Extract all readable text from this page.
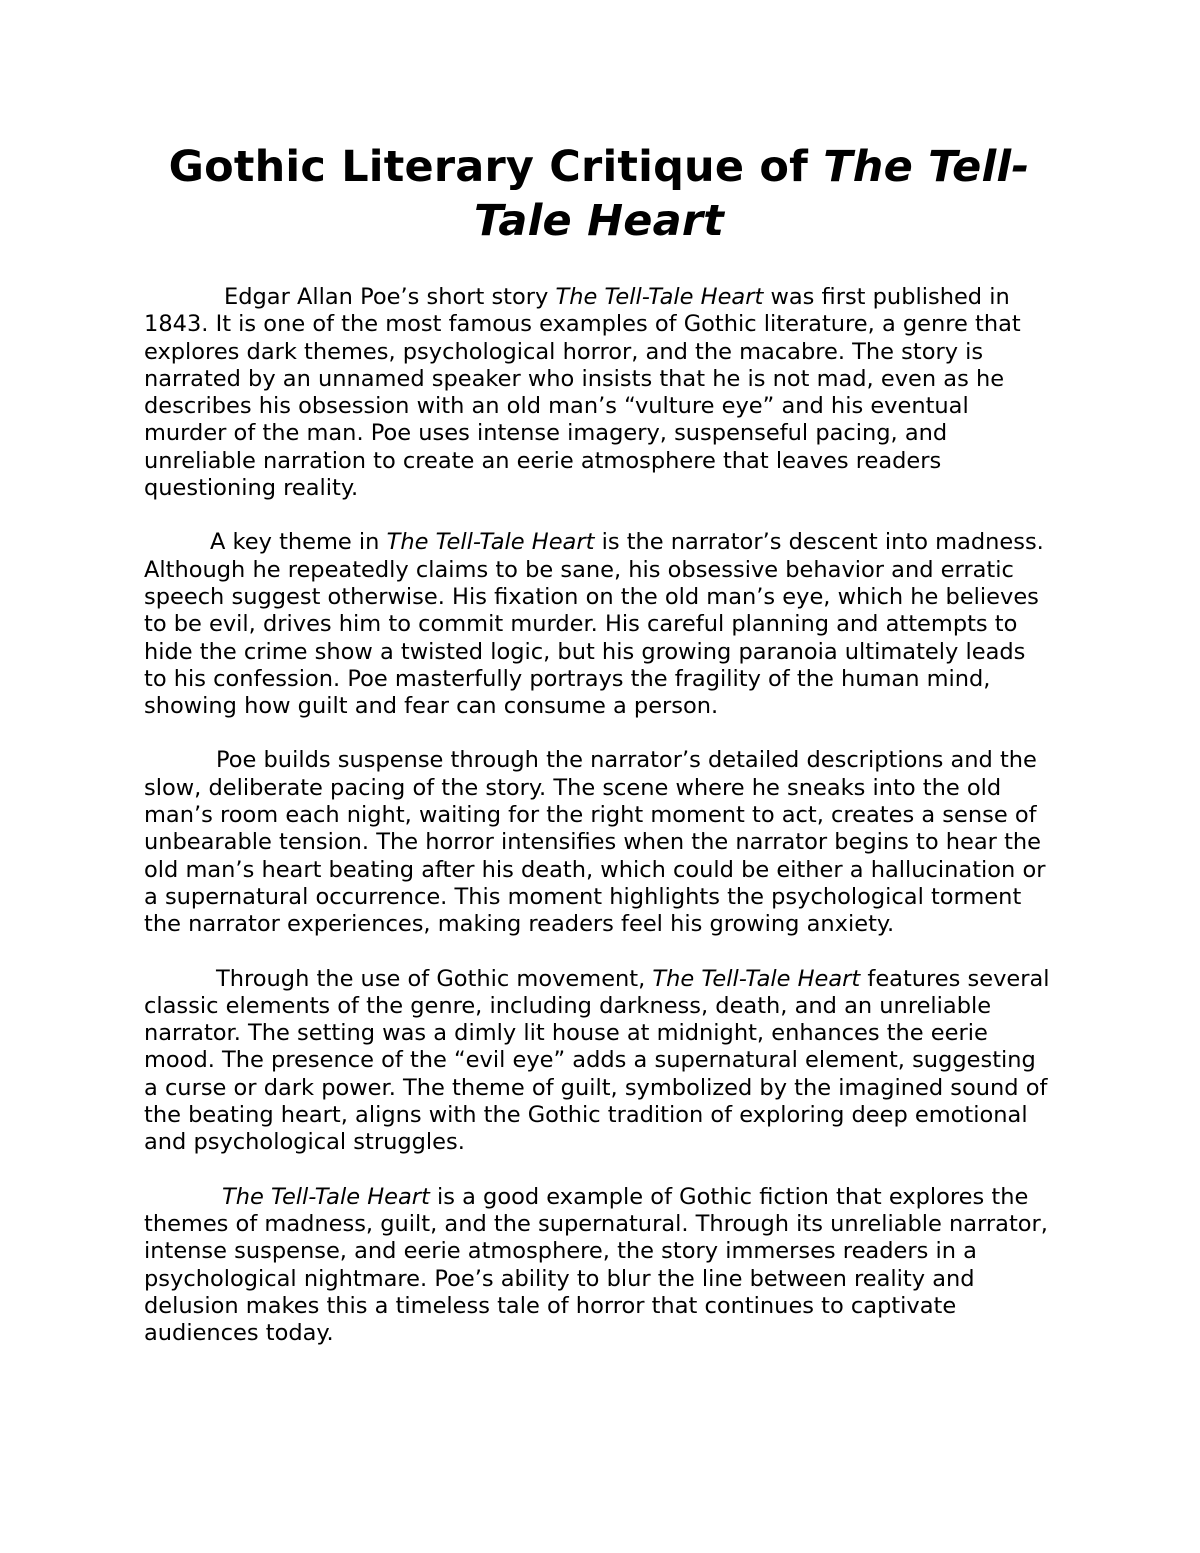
Gothic Literary Critique of The Tell-Tale Heart

Edgar Allan Poe’s short story The Tell-Tale Heart was first published in 1843. It is one of the most famous examples of Gothic literature, a genre that explores dark themes, psychological horror, and the macabre. The story is narrated by an unnamed speaker who insists that he is not mad, even as he describes his obsession with an old man’s “vulture eye” and his eventual murder of the man. Poe uses intense imagery, suspenseful pacing, and unreliable narration to create an eerie atmosphere that leaves readers questioning reality.

A key theme in The Tell-Tale Heart is the narrator’s descent into madness. Although he repeatedly claims to be sane, his obsessive behavior and erratic speech suggest otherwise. His fixation on the old man’s eye, which he believes to be evil, drives him to commit murder. His careful planning and attempts to hide the crime show a twisted logic, but his growing paranoia ultimately leads to his confession. Poe masterfully portrays the fragility of the human mind, showing how guilt and fear can consume a person.

Poe builds suspense through the narrator’s detailed descriptions and the slow, deliberate pacing of the story. The scene where he sneaks into the old man’s room each night, waiting for the right moment to act, creates a sense of unbearable tension. The horror intensifies when the narrator begins to hear the old man’s heart beating after his death, which could be either a hallucination or a supernatural occurrence. This moment highlights the psychological torment the narrator experiences, making readers feel his growing anxiety.

Through the use of Gothic movement, The Tell-Tale Heart features several classic elements of the genre, including darkness, death, and an unreliable narrator. The setting was a dimly lit house at midnight, enhances the eerie mood. The presence of the “evil eye” adds a supernatural element, suggesting a curse or dark power. The theme of guilt, symbolized by the imagined sound of the beating heart, aligns with the Gothic tradition of exploring deep emotional and psychological struggles.

The Tell-Tale Heart is a good example of Gothic fiction that explores the themes of madness, guilt, and the supernatural. Through its unreliable narrator, intense suspense, and eerie atmosphere, the story immerses readers in a psychological nightmare. Poe’s ability to blur the line between reality and delusion makes this a timeless tale of horror that continues to captivate audiences today.
